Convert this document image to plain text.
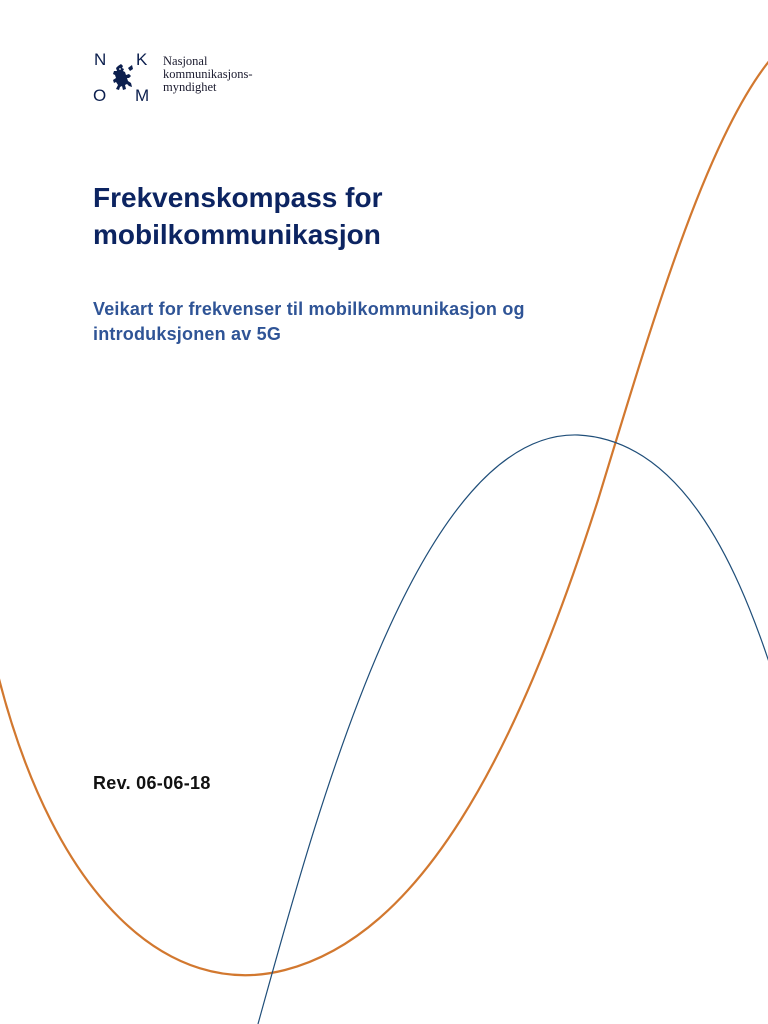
N K
O M
Nasjonal
kommunikasjons-
myndighet
Frekvenskompass for
mobilkommunikasjon
Veikart for frekvenser til mobilkommunikasjon og
introduksjonen av 5G

Rev. 06-06-18
